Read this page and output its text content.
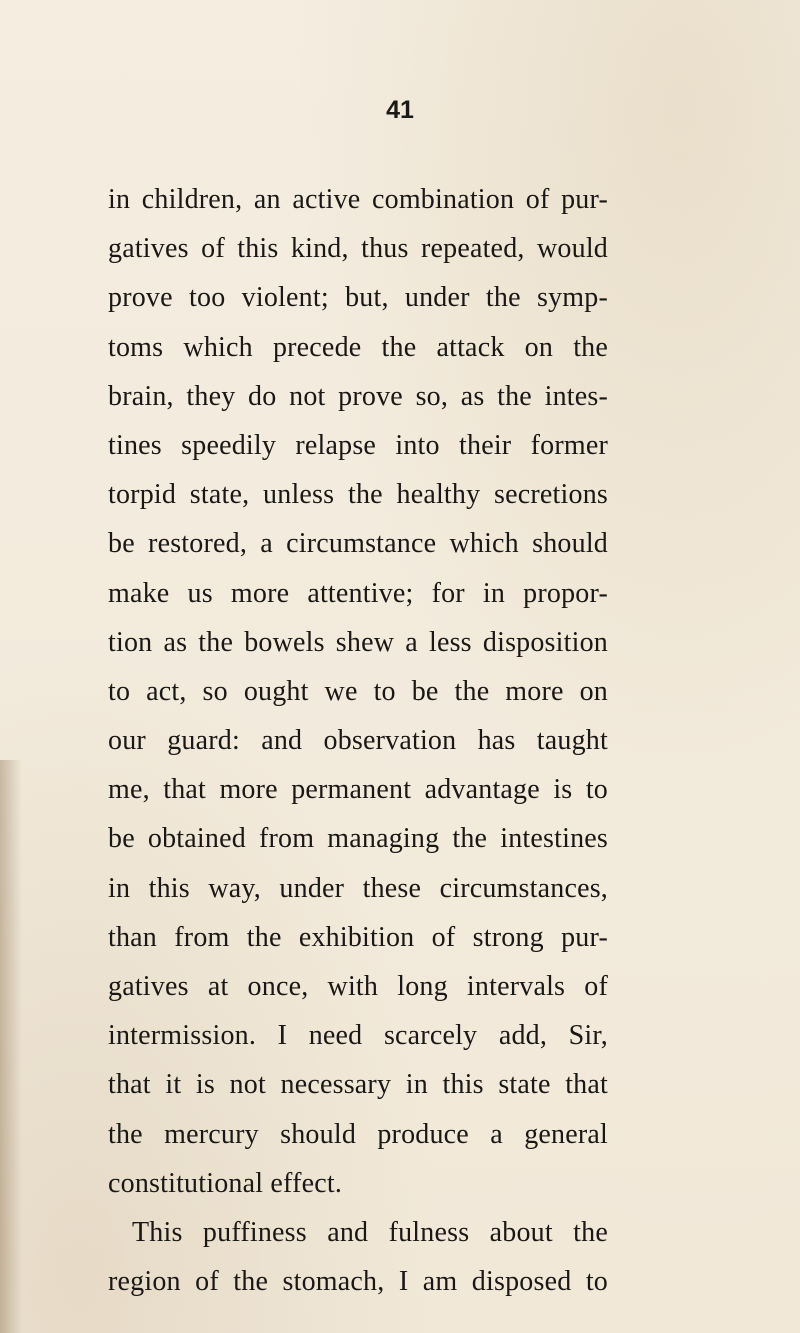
41
in children, an active combination of pur-
gatives of this kind, thus repeated, would
prove too violent; but, under the symp-
toms which precede the attack on the
brain, they do not prove so, as the intes-
tines speedily relapse into their former
torpid state, unless the healthy secretions
be restored, a circumstance which should
make us more attentive; for in propor-
tion as the bowels shew a less disposition
to act, so ought we to be the more on
our guard: and observation has taught
me, that more permanent advantage is to
be obtained from managing the intestines
in this way, under these circumstances,
than from the exhibition of strong pur-
gatives at once, with long intervals of
intermission. I need scarcely add, Sir,
that it is not necessary in this state that
the mercury should produce a general
constitutional effect.
This puffiness and fulness about the
region of the stomach, I am disposed to
